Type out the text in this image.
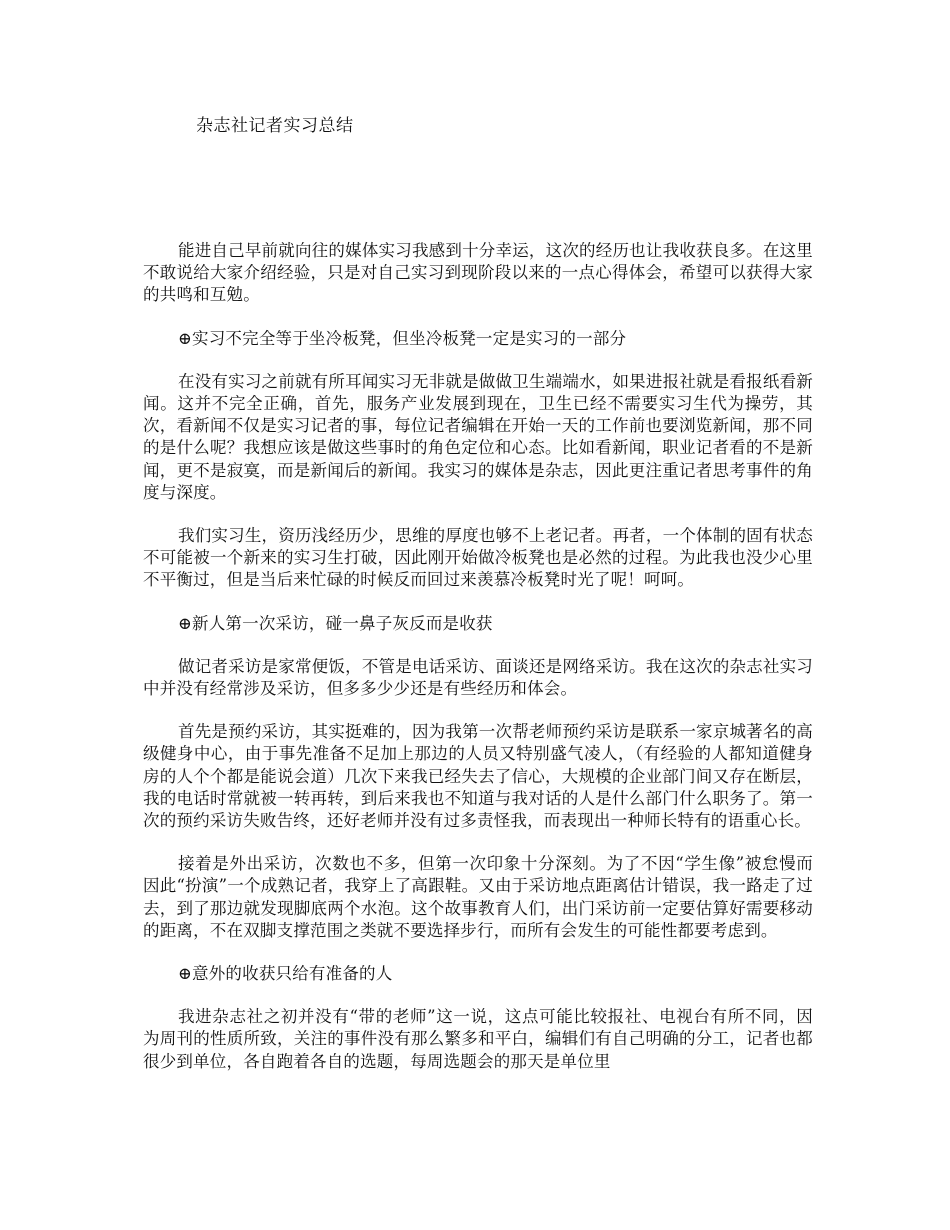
杂志社记者实习总结

能进自己早前就向往的媒体实习我感到十分幸运，这次的经历也让我收获良多。在这里不敢说给大家介绍经验，只是对自己实习到现阶段以来的一点心得体会，希望可以获得大家的共鸣和互勉。

⊕实习不完全等于坐冷板凳，但坐冷板凳一定是实习的一部分

在没有实习之前就有所耳闻实习无非就是做做卫生端端水，如果进报社就是看报纸看新闻。这并不完全正确，首先，服务产业发展到现在，卫生已经不需要实习生代为操劳，其次，看新闻不仅是实习记者的事，每位记者编辑在开始一天的工作前也要浏览新闻，那不同的是什么呢？我想应该是做这些事时的角色定位和心态。比如看新闻，职业记者看的不是新闻，更不是寂寞，而是新闻后的新闻。我实习的媒体是杂志，因此更注重记者思考事件的角度与深度。

我们实习生，资历浅经历少，思维的厚度也够不上老记者。再者，一个体制的固有状态不可能被一个新来的实习生打破，因此刚开始做冷板凳也是必然的过程。为此我也没少心里不平衡过，但是当后来忙碌的时候反而回过来羡慕冷板凳时光了呢！呵呵。

⊕新人第一次采访，碰一鼻子灰反而是收获

做记者采访是家常便饭，不管是电话采访、面谈还是网络采访。我在这次的杂志社实习中并没有经常涉及采访，但多多少少还是有些经历和体会。

首先是预约采访，其实挺难的，因为我第一次帮老师预约采访是联系一家京城著名的高级健身中心，由于事先准备不足加上那边的人员又特别盛气凌人，（有经验的人都知道健身房的人个个都是能说会道）几次下来我已经失去了信心，大规模的企业部门间又存在断层，我的电话时常就被一转再转，到后来我也不知道与我对话的人是什么部门什么职务了。第一次的预约采访失败告终，还好老师并没有过多责怪我，而表现出一种师长特有的语重心长。

接着是外出采访，次数也不多，但第一次印象十分深刻。为了不因“学生像”被怠慢而因此“扮演”一个成熟记者，我穿上了高跟鞋。又由于采访地点距离估计错误，我一路走了过去，到了那边就发现脚底两个水泡。这个故事教育人们，出门采访前一定要估算好需要移动的距离，不在双脚支撑范围之类就不要选择步行，而所有会发生的可能性都要考虑到。

⊕意外的收获只给有准备的人

我进杂志社之初并没有“带的老师”这一说，这点可能比较报社、电视台有所不同，因为周刊的性质所致，关注的事件没有那么繁多和平白，编辑们有自己明确的分工，记者也都很少到单位，各自跑着各自的选题，每周选题会的那天是单位里
